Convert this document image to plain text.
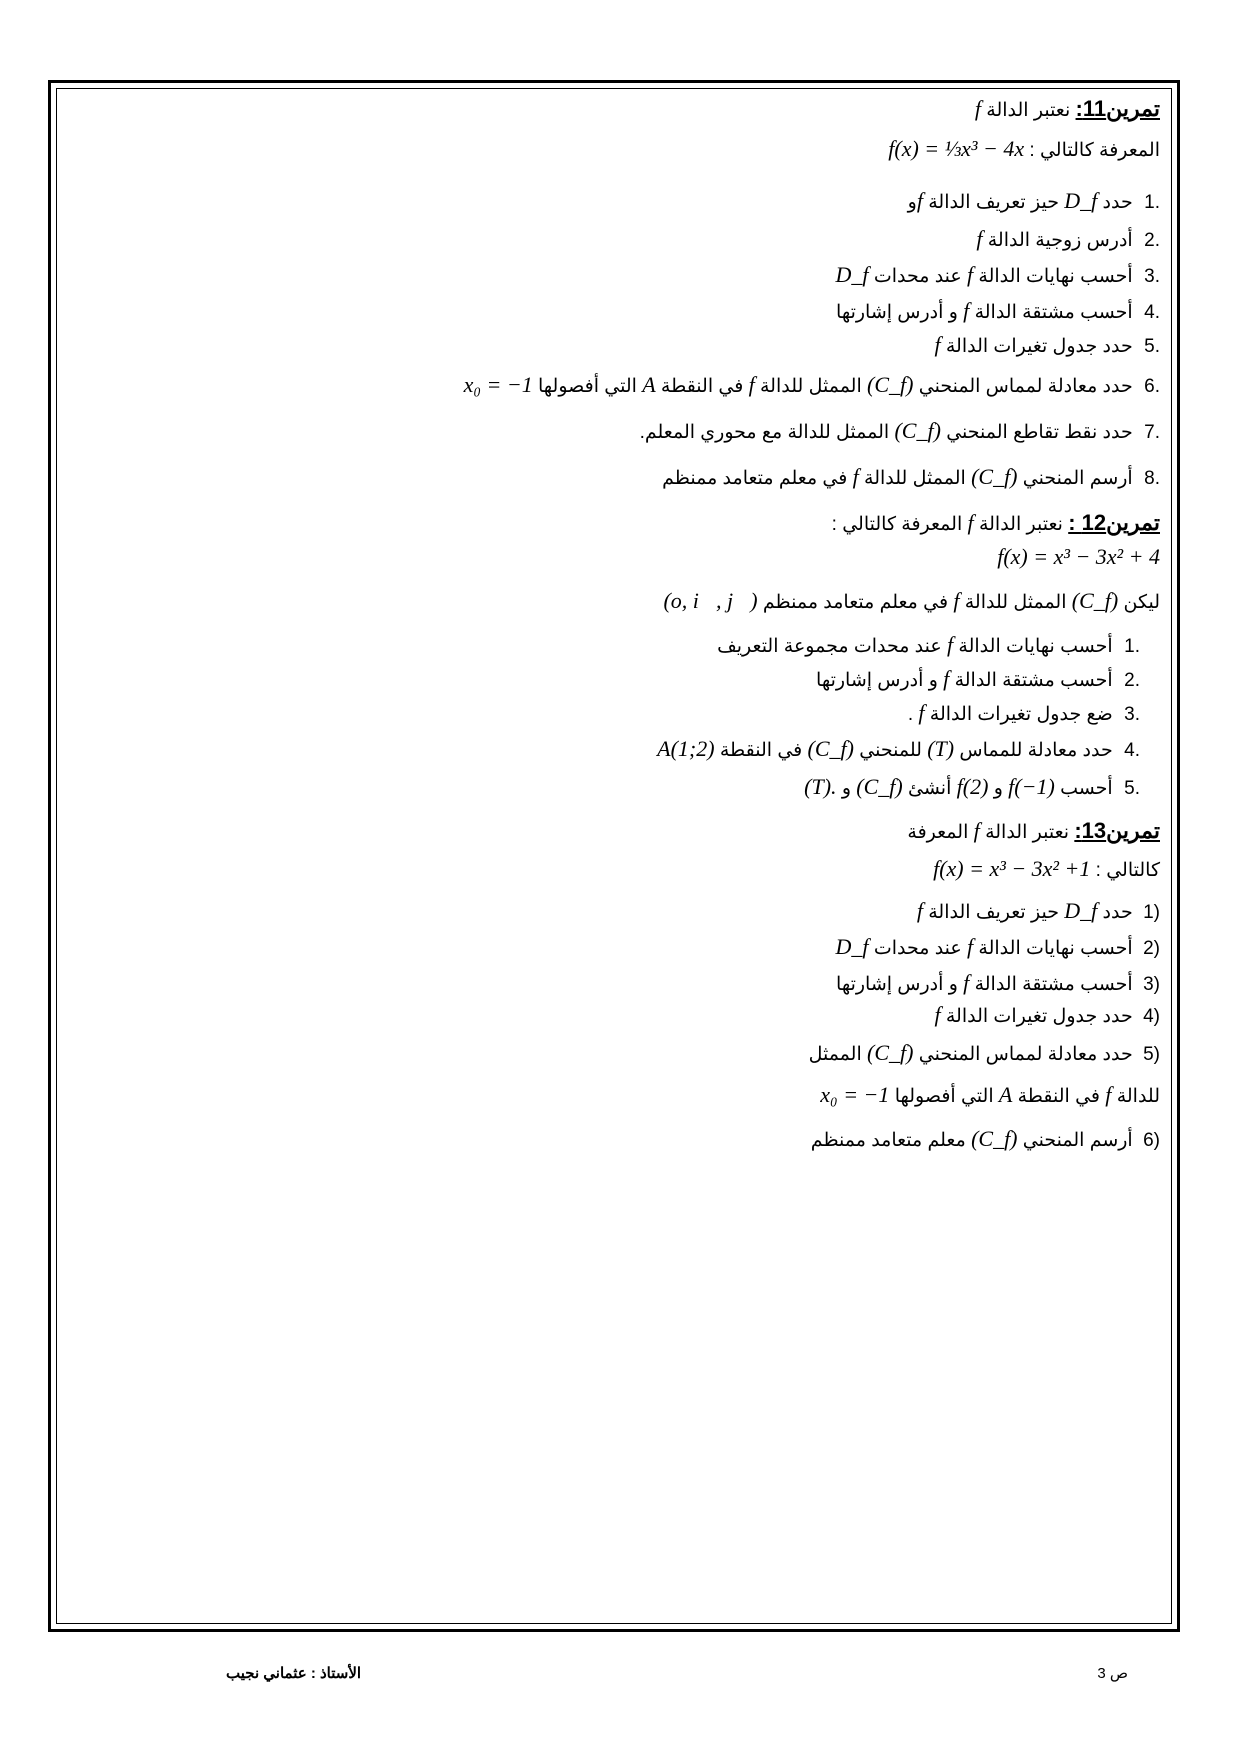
تمرين11: نعتبر الدالة f
المعرفة كالتالي : f(x) = ⅓x³ − 4x
.1 حدد D_f حيز تعريف الدالة fو
.2 أدرس زوجية الدالة f
.3 أحسب نهايات الدالة f عند محدات D_f
.4 أحسب مشتقة الدالة f و أدرس إشارتها
.5 حدد جدول تغيرات الدالة f
.6 حدد معادلة لمماس المنحني (C_f) الممثل للدالة f في النقطة A التي أفصولها x₀ = −1
.7 حدد نقط تقاطع المنحني (C_f) الممثل للدالة مع محوري المعلم.
.8 أرسم المنحني (C_f) الممثل للدالة f في معلم متعامد ممنظم
تمرين12 : نعتبر الدالة f المعرفة كالتالي :
f(x) = x³ − 3x² + 4
ليكن (C_f) الممثل للدالة f في معلم متعامد ممنظم (o, i⃗, j⃗)
.1 أحسب نهايات الدالة f عند محدات مجموعة التعريف
.2 أحسب مشتقة الدالة f و أدرس إشارتها
.3 ضع جدول تغيرات الدالة f .
.4 حدد معادلة للمماس (T) للمنحني (C_f) في النقطة A(1;2)
.5 أحسب f(−1) و f(2) أنشئ (C_f) و (T).
تمرين13: نعتبر الدالة f المعرفة
كالتالي : f(x) = x³ − 3x² +1
(1 حدد D_f حيز تعريف الدالة f
(2 أحسب نهايات الدالة f عند محدات D_f
(3 أحسب مشتقة الدالة f و أدرس إشارتها
(4 حدد جدول تغيرات الدالة f
(5 حدد معادلة لمماس المنحني (C_f) الممثل
للدالة f في النقطة A التي أفصولها x₀ = −1
(6 أرسم المنحني (C_f) معلم متعامد ممنظم
ص 3
الأستاذ : عثماني نجيب
